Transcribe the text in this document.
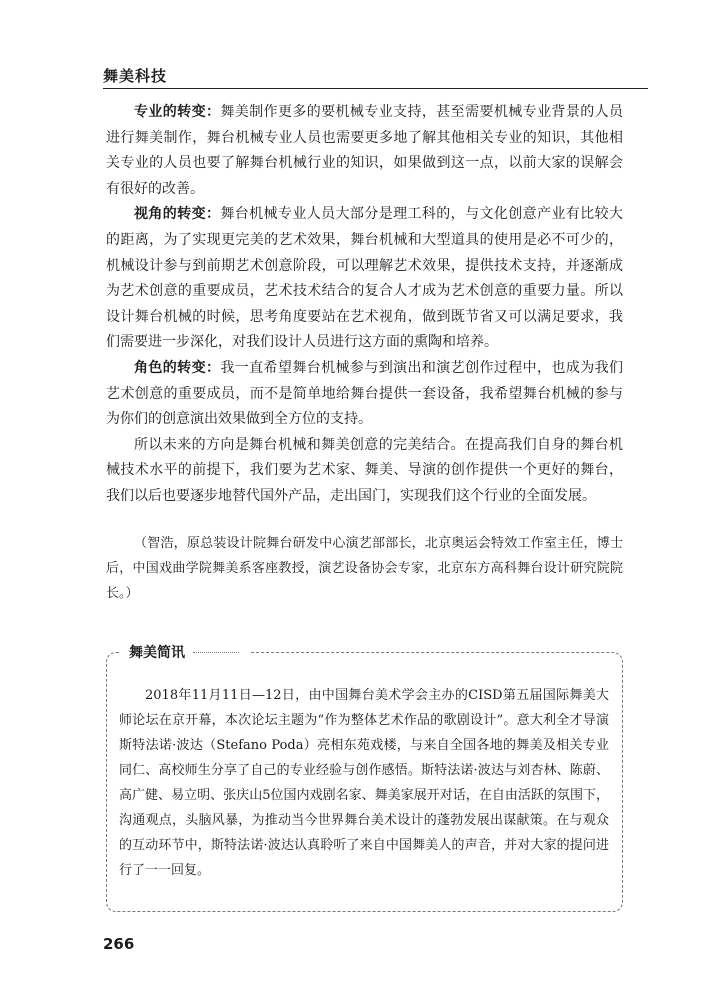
舞美科技

专业的转变：舞美制作更多的要机械专业支持，甚至需要机械专业背景的人员进行舞美制作，舞台机械专业人员也需要更多地了解其他相关专业的知识，其他相关专业的人员也要了解舞台机械行业的知识，如果做到这一点，以前大家的误解会有很好的改善。

视角的转变：舞台机械专业人员大部分是理工科的，与文化创意产业有比较大的距离，为了实现更完美的艺术效果，舞台机械和大型道具的使用是必不可少的，机械设计参与到前期艺术创意阶段，可以理解艺术效果，提供技术支持，并逐渐成为艺术创意的重要成员，艺术技术结合的复合人才成为艺术创意的重要力量。所以设计舞台机械的时候，思考角度要站在艺术视角，做到既节省又可以满足要求，我们需要进一步深化，对我们设计人员进行这方面的熏陶和培养。

角色的转变：我一直希望舞台机械参与到演出和演艺创作过程中，也成为我们艺术创意的重要成员，而不是简单地给舞台提供一套设备，我希望舞台机械的参与为你们的创意演出效果做到全方位的支持。

所以未来的方向是舞台机械和舞美创意的完美结合。在提高我们自身的舞台机械技术水平的前提下，我们要为艺术家、舞美、导演的创作提供一个更好的舞台，我们以后也要逐步地替代国外产品，走出国门，实现我们这个行业的全面发展。

（智浩，原总装设计院舞台研发中心演艺部部长，北京奥运会特效工作室主任，博士后，中国戏曲学院舞美系客座教授，演艺设备协会专家，北京东方高科舞台设计研究院院长。）

舞美简讯

2018年11月11日—12日，由中国舞台美术学会主办的CISD第五届国际舞美大师论坛在京开幕，本次论坛主题为“作为整体艺术作品的歌剧设计”。意大利全才导演斯特法诺·波达（Stefano Poda）亮相东苑戏楼，与来自全国各地的舞美及相关专业同仁、高校师生分享了自己的专业经验与创作感悟。斯特法诺·波达与刘杏林、陈蔚、高广健、易立明、张庆山5位国内戏剧名家、舞美家展开对话，在自由活跃的氛围下，沟通观点，头脑风暴，为推动当今世界舞台美术设计的蓬勃发展出谋献策。在与观众的互动环节中，斯特法诺·波达认真聆听了来自中国舞美人的声音，并对大家的提问进行了一一回复。

266
